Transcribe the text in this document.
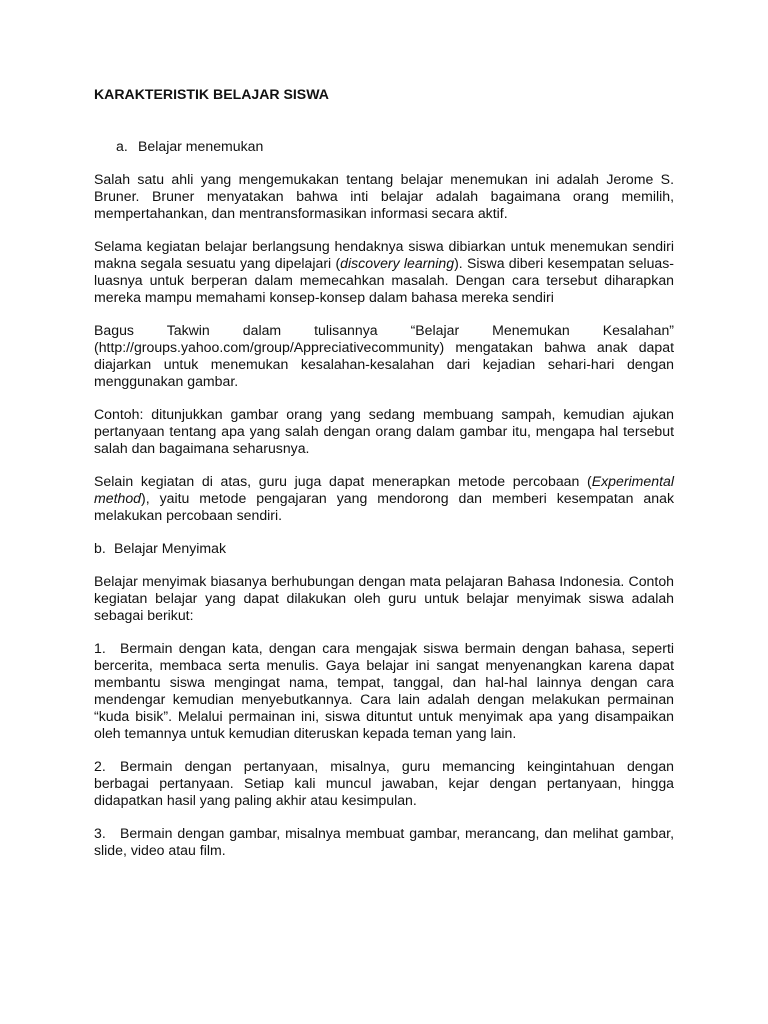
KARAKTERISTIK BELAJAR SISWA
a. Belajar menemukan

Salah satu ahli yang mengemukakan tentang belajar menemukan ini adalah Jerome S. Bruner. Bruner menyatakan bahwa inti belajar adalah bagaimana orang memilih, mempertahankan, dan mentransformasikan informasi secara aktif.

Selama kegiatan belajar berlangsung hendaknya siswa dibiarkan untuk menemukan sendiri makna segala sesuatu yang dipelajari (discovery learning). Siswa diberi kesempatan seluas-luasnya untuk berperan dalam memecahkan masalah. Dengan cara tersebut diharapkan mereka mampu memahami konsep-konsep dalam bahasa mereka sendiri

Bagus Takwin dalam tulisannya “Belajar Menemukan Kesalahan” (http://groups.yahoo.com/group/Appreciativecommunity) mengatakan bahwa anak dapat diajarkan untuk menemukan kesalahan-kesalahan dari kejadian sehari-hari dengan menggunakan gambar.

Contoh: ditunjukkan gambar orang yang sedang membuang sampah, kemudian ajukan pertanyaan tentang apa yang salah dengan orang dalam gambar itu, mengapa hal tersebut salah dan bagaimana seharusnya.

Selain kegiatan di atas, guru juga dapat menerapkan metode percobaan (Experimental method), yaitu metode pengajaran yang mendorong dan memberi kesempatan anak melakukan percobaan sendiri.

b. Belajar Menyimak

Belajar menyimak biasanya berhubungan dengan mata pelajaran Bahasa Indonesia. Contoh kegiatan belajar yang dapat dilakukan oleh guru untuk belajar menyimak siswa adalah sebagai berikut:

1. Bermain dengan kata, dengan cara mengajak siswa bermain dengan bahasa, seperti bercerita, membaca serta menulis. Gaya belajar ini sangat menyenangkan karena dapat membantu siswa mengingat nama, tempat, tanggal, dan hal-hal lainnya dengan cara mendengar kemudian menyebutkannya. Cara lain adalah dengan melakukan permainan “kuda bisik”. Melalui permainan ini, siswa dituntut untuk menyimak apa yang disampaikan oleh temannya untuk kemudian diteruskan kepada teman yang lain.

2. Bermain dengan pertanyaan, misalnya, guru memancing keingintahuan dengan berbagai pertanyaan. Setiap kali muncul jawaban, kejar dengan pertanyaan, hingga didapatkan hasil yang paling akhir atau kesimpulan.

3. Bermain dengan gambar, misalnya membuat gambar, merancang, dan melihat gambar, slide, video atau film.
